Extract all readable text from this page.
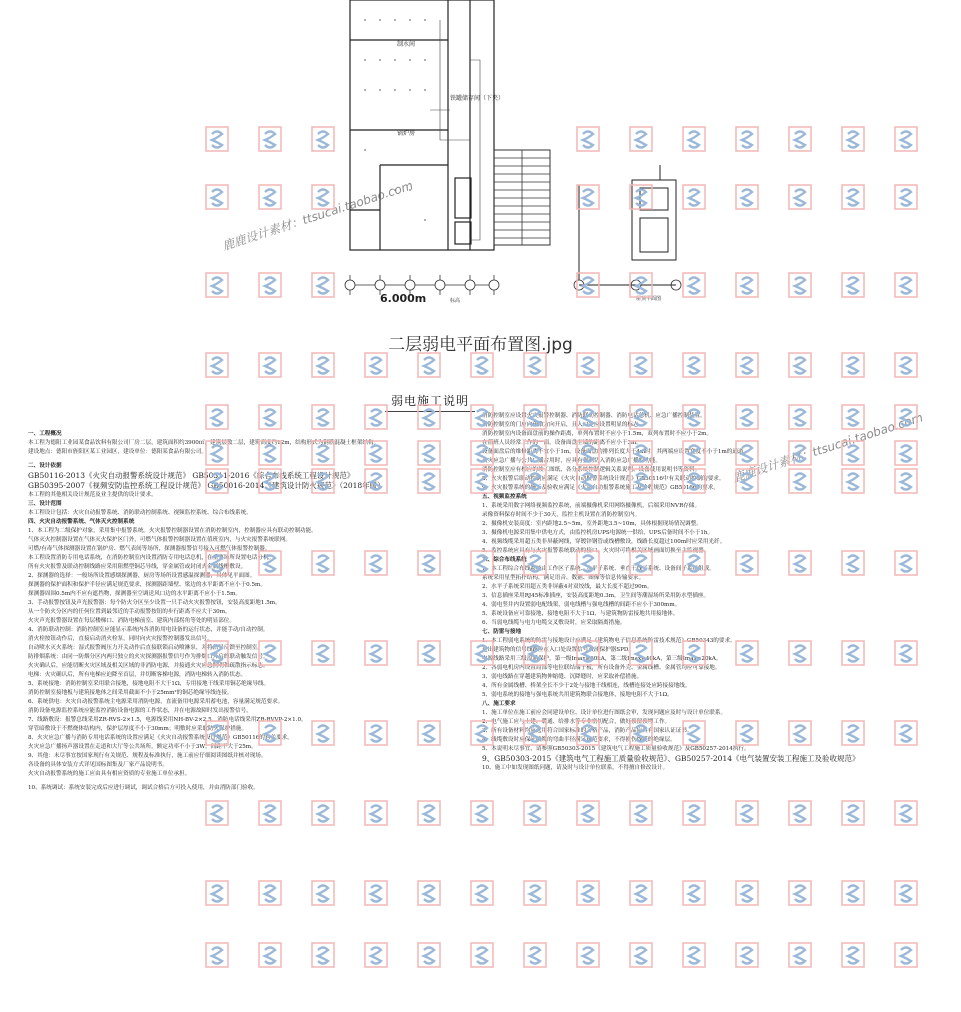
制水间
锅炉房
铁罐储存间（下夹）
6.000m	标高	屋顶平面图
二层弱电平面布置图.jpg
弱电施工说明
一、工程概况
本工程为德阳工业园某食品饮料有限公司厂房二层，建筑面积约3900㎡，建筑层数二层，建筑高度约12m，结构形式为钢筋混凝土框架结构。
建设地点：德阳市旌阳区某工业园区，建设单位：德阳某食品有限公司。
二、设计依据
GB50116-2013《火灾自动报警系统设计规范》 GB50311-2016《综合布线系统工程设计规范》
GB50395-2007《视频安防监控系统工程设计规范》 GB50016-2014《建筑设计防火规范》（2018年版）
本工程的其他相关设计规范及业主提供的设计要求。
三、设计范围
本工程设计包括：火灾自动报警系统、消防联动控制系统、视频监控系统、综合布线系统。
四、火灾自动报警系统、气体灭火控制系统
1、本工程为二级保护对象，采用集中报警系统。火灾报警控制器设置在消防控制室内，控制器应具有联动控制功能。
气体灭火控制器设置在气体灭火保护区门外，可燃气体报警控制器设置在值班室内，与火灾报警系统联网。
可燃/有毒气体探测器设置在锅炉房、燃气表间等场所，探测器报警信号接入可燃气体报警控制器。
本工程设置消防专用电话系统，在消防控制室内设置消防专用电话总机，在重要场所设置电话分机。
所有火灾报警及联动控制线路应采用阻燃型铜芯导线，穿金属管或封闭式金属线槽敷设。
2、探测器的选择：一般场所设置感烟探测器，厨房等场所设置感温探测器，具体见平面图。
探测器的保护面积和保护半径应满足规范要求，探测器距墙壁、梁边的水平距离不应小于0.5m。
探测器周围0.5m内不应有遮挡物，探测器至空调送风口边的水平距离不应小于1.5m。
3、手动报警按钮及声光报警器：每个防火分区至少设置一只手动火灾报警按钮，安装高度距地1.5m。
从一个防火分区内的任何位置到最邻近的手动报警按钮的步行距离不应大于30m。
火灾声光报警器设置在每层楼梯口、消防电梯前室、建筑内部拐角等处的明显部位。
4、消防联动控制：消防控制室应能显示系统内各消防用电设备的运行状态，并能手动/自动控制。
消火栓按钮动作后，直接启动消火栓泵，同时向火灾报警控制器发出信号。
自动喷水灭火系统：湿式报警阀压力开关动作后直接联锁启动喷淋泵，并将信号反馈至控制室。
防排烟系统：由同一防烟分区内两只独立的火灾探测器报警信号作为排烟口开启的联动触发信号。
火灾确认后，应能切断火灾区域及相关区域的非消防电源，并接通火灾应急照明和疏散指示标志。
电梯：火灾确认后，所有电梯应迫降至首层，并切断客梯电源，消防电梯转入消防状态。
5、系统接地：消防控制室采用联合接地，接地电阻不大于1Ω，专用接地干线采用铜芯绝缘导线。
消防控制室接地板与建筑接地体之间采用截面不小于25mm²的铜芯绝缘导线连接。
6、系统供电：火灾自动报警系统主电源采用消防电源，直流备用电源采用蓄电池，容量满足规范要求。
消防设备电源监控系统应能监控消防设备电源的工作状态，并在电源故障时发出报警信号。
7、线路敷设：报警总线采用ZR-RVS-2×1.5，电源线采用NH-BV-2×2.5，消防电话线采用ZR-RVVP-2×1.0。
穿管暗敷设于不燃烧体结构内，保护层厚度不小于30mm；明敷时应采取防火保护措施。
8、火灾应急广播与消防专用电话系统的设置应满足《火灾自动报警系统设计规范》GB50116的有关要求。
火灾应急广播扬声器设置在走道和大厅等公共场所，额定功率不小于3W，间距不大于25m。
9、其他：未尽事宜按国家现行有关规范、规程及标准执行，施工前应仔细阅读图纸并核对现场。
各设备的具体安装方式详见国标图集及厂家产品说明书。
火灾自动报警系统的施工应由具有相应资质的专业施工单位承担。
10、系统调试：系统安装完成后应进行调试，调试合格后方可投入使用，并由消防部门验收。
消防控制室应设置火灾报警控制器、消防联动控制器、消防电话总机、应急广播控制装置。
消防控制室的门应向疏散方向开启，且入口处应设置明显的标志。
消防控制室内设备面盘前的操作距离，单列布置时不应小于1.5m，双列布置时不应小于2m。
在值班人员经常工作的一面，设备面盘至墙的距离不应小于3m。
设备面盘后的维修距离不宜小于1m，设备面盘的排列长度大于4m时，其两端应设置宽度不小于1m的通道。
火灾应急广播与公共广播合用时，应具有强制切入消防应急广播的功能。
消防控制室应有相应的竣工图纸、各分系统控制逻辑关系说明、设备使用说明书等资料。
8、火灾报警后联动控制应满足《火灾自动报警系统设计规范》GB50116中有关联动控制的要求。
9、火灾报警系统的施工及验收应满足《火灾自动报警系统施工及验收规范》GB50166的要求。
五、视频监控系统
1、系统采用数字网络视频监控系统，前端摄像机采用网络摄像机，后端采用NVR存储。
录像资料保存时间不少于30天，监控主机设置在消防控制室内。
2、摄像机安装高度：室内距地2.5~5m，室外距地3.5~10m，具体根据现场情况调整。
3、摄像机电源采用集中供电方式，由监控机房UPS电源统一供给，UPS后备时间不小于1h。
4、视频线缆采用超五类非屏蔽网线，穿镀锌钢管或线槽敷设，线路长度超过100m时应采用光纤。
5、监控系统应具有与火灾报警系统联动的接口，火灾时可将相关区域画面切换至主监视器。
六、综合布线系统
1、本工程综合布线系统由工作区子系统、水平子系统、垂直干线子系统、设备间子系统组成。
系统采用星型拓扑结构，满足语音、数据、图像等信息传输要求。
2、水平子系统采用超五类非屏蔽4对双绞线，最大长度不超过90m。
3、信息插座采用RJ45标准插座，安装高度距地0.3m，卫生间等潮湿场所采用防水型插座。
4、弱电竖井内设置弱电配线架，弱电线槽与强电线槽的间距不应小于300mm。
5、系统设备应可靠接地，接地电阻不大于1Ω，与建筑物防雷接地共用接地体。
6、当弱电线缆与电力电缆交叉敷设时，应采取隔离措施。
七、防雷与接地
1、本工程弱电系统的防雷与接地设计应满足《建筑物电子信息系统防雷技术规范》GB50343的要求。
进出建筑物的信号线路应在入口处设置信号浪涌保护器SPD。
电源线路采用三级浪涌保护，第一级Imax≥60kA，第二级Imax≥40kA，第三级Imax≥20kA。
2、各弱电机房内设置局部等电位联结端子板，所有设备外壳、金属线槽、金属管均应可靠接地。
3、弱电线路在穿越建筑物伸缩缝、沉降缝时，应采取补偿措施。
4、所有金属线槽、桥架全长不少于2处与接地干线相连，线槽连接处应跨接接地线。
5、弱电系统的接地与强电系统共用建筑物联合接地体，接地电阻不大于1Ω。
八、施工要求
1、施工单位在施工前应会同建设单位、设计单位进行图纸会审，发现问题应及时与设计单位联系。
2、电气施工应与土建、暖通、给排水等专业密切配合，做好预留预埋工作。
3、所有设备材料均应选用符合国家标准的合格产品，消防产品应具有国家认证证书。
4、线缆敷设时应保证线缆的弯曲半径满足规范要求，不得损伤线缆的绝缘层。
5、本说明未尽事宜，请参照GB50303-2015《建筑电气工程施工质量验收规范》及GB50257-2014执行。
9、GB50303-2015《建筑电气工程施工质量验收规范》、GB50257-2014《电气装置安装工程施工及验收规范》
10、施工中如发现图纸问题，请及时与设计单位联系，不得擅自修改设计。
鹿鹿设计素材：ttsucai.taobao.com
鹿鹿设计素材：ttsucai.taobao.com
